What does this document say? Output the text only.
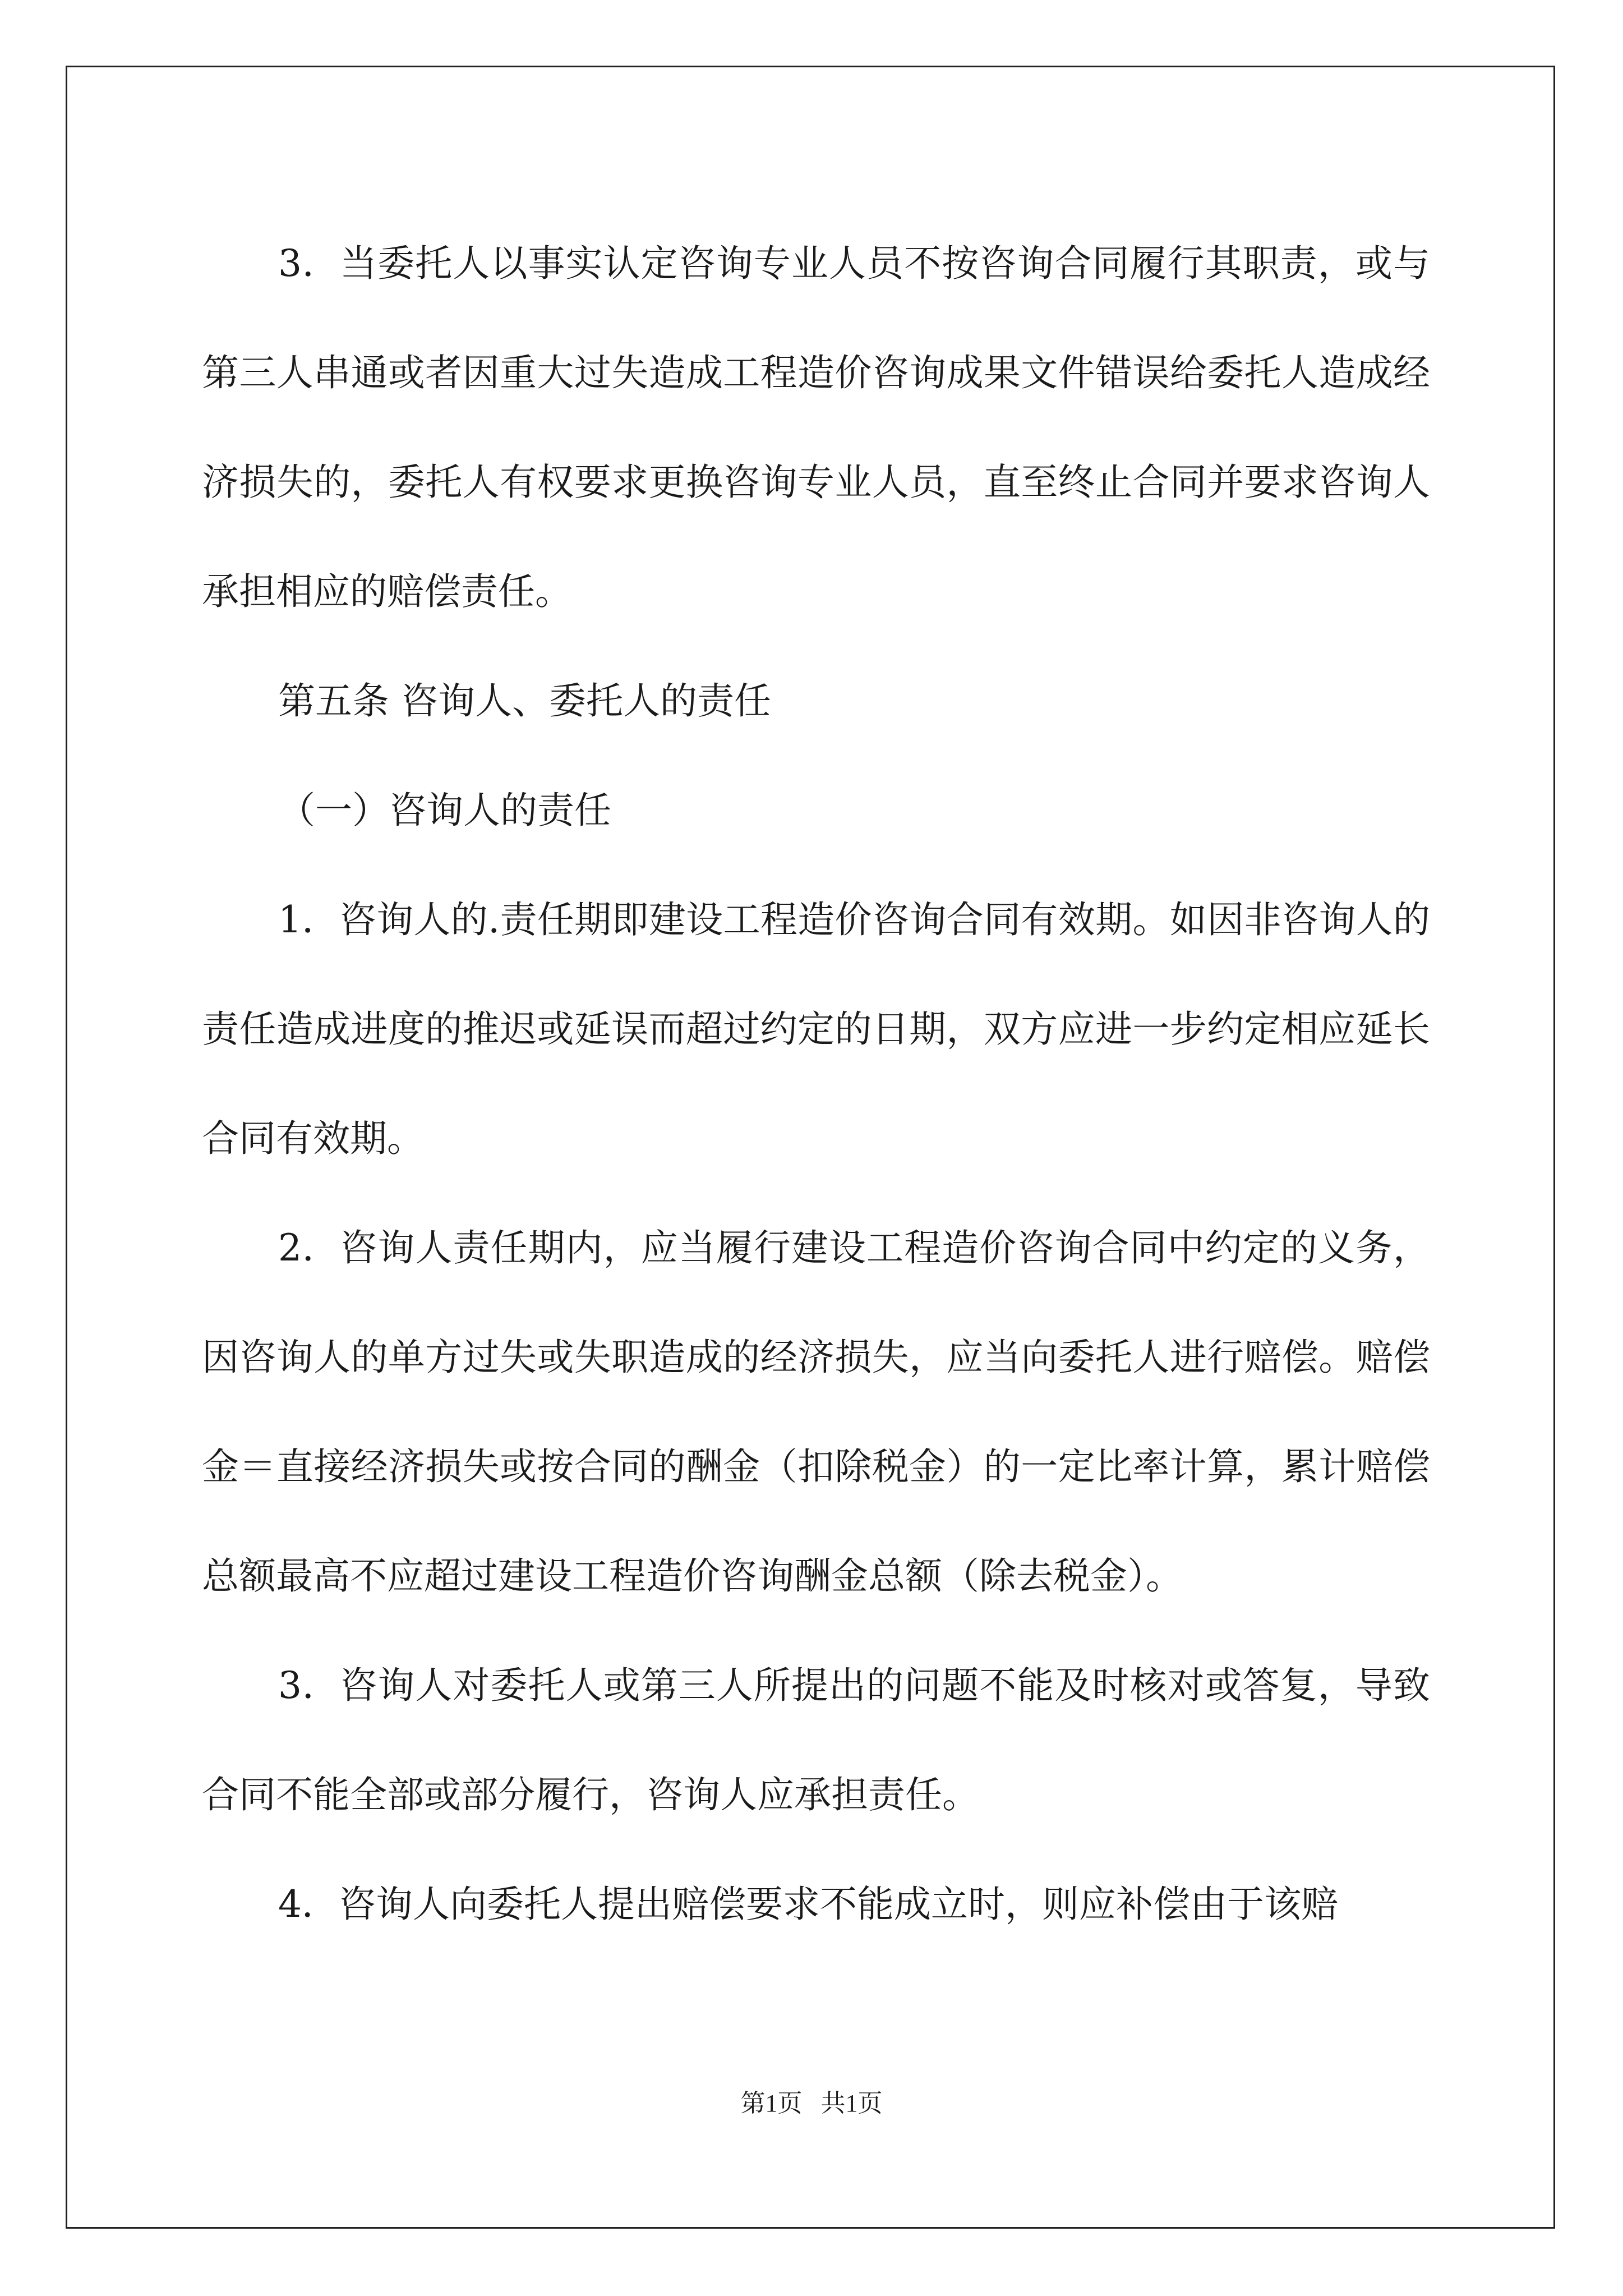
3．当委托人以事实认定咨询专业人员不按咨询合同履行其职责，或与第三人串通或者因重大过失造成工程造价咨询成果文件错误给委托人造成经济损失的，委托人有权要求更换咨询专业人员，直至终止合同并要求咨询人承担相应的赔偿责任。

第五条 咨询人、委托人的责任

（一）咨询人的责任

1．咨询人的.责任期即建设工程造价咨询合同有效期。如因非咨询人的责任造成进度的推迟或延误而超过约定的日期，双方应进一步约定相应延长合同有效期。

2．咨询人责任期内，应当履行建设工程造价咨询合同中约定的义务，因咨询人的单方过失或失职造成的经济损失，应当向委托人进行赔偿。赔偿金＝直接经济损失或按合同的酬金（扣除税金）的一定比率计算，累计赔偿总额最高不应超过建设工程造价咨询酬金总额（除去税金）。

3．咨询人对委托人或第三人所提出的问题不能及时核对或答复，导致合同不能全部或部分履行，咨询人应承担责任。

4．咨询人向委托人提出赔偿要求不能成立时，则应补偿由于该赔

第1页 共1页
